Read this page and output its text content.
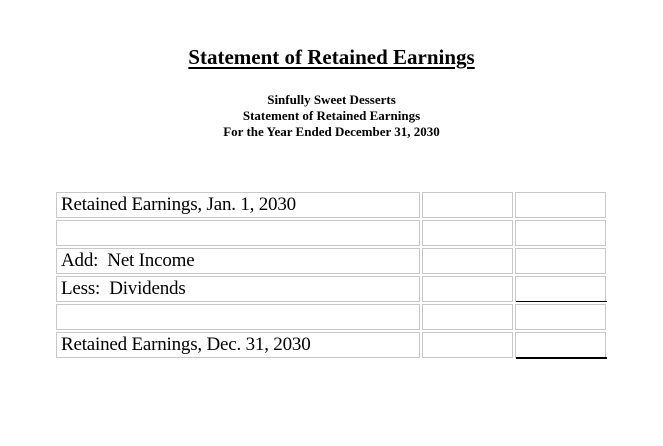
Statement of Retained Earnings
Sinfully Sweet Desserts
Statement of Retained Earnings
For the Year Ended December 31, 2030
Retained Earnings, Jan. 1, 2030		

Add:  Net Income		
Less:  Dividends		

Retained Earnings, Dec. 31, 2030		
